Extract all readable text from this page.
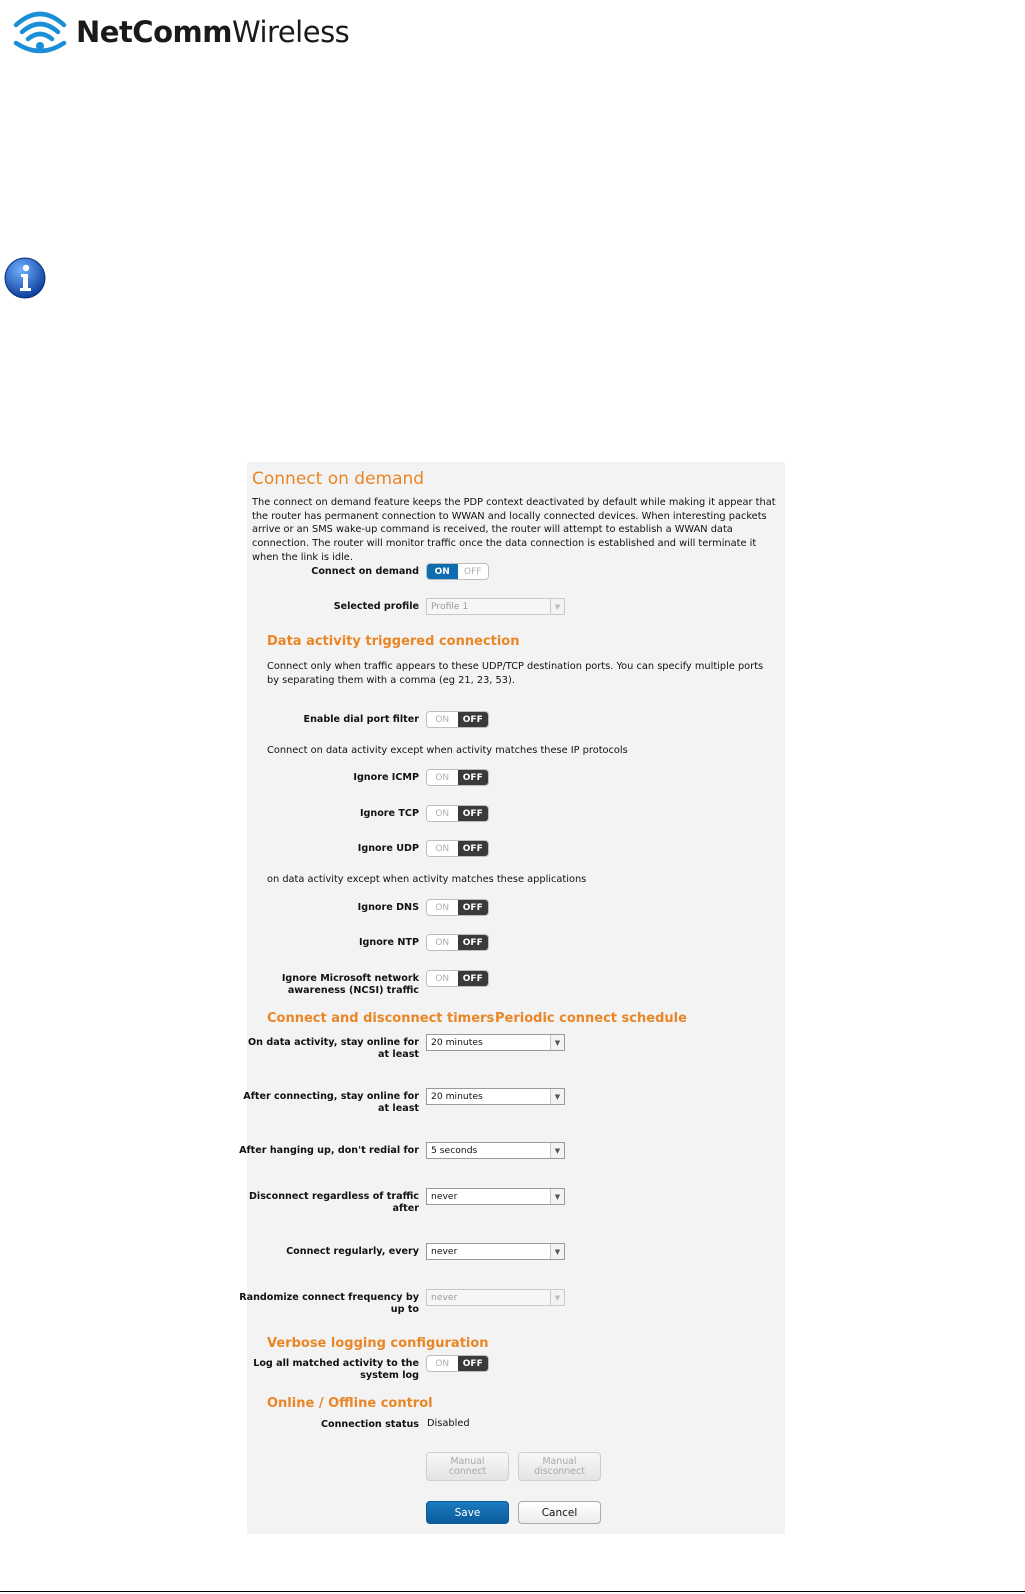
NetCommWireless
Connect on demand
The connect on demand feature keeps the PDP context deactivated by default while making it appear that the router has permanent connection to WWAN and locally connected devices. When interesting packets arrive or an SMS wake-up command is received, the router will attempt to establish a WWAN data connection. The router will monitor traffic once the data connection is established and will terminate it when the link is idle.
Connect on demand	ON	OFF
Selected profile Profile 1	▼
Data activity triggered connection
Connect only when traffic appears to these UDP/TCP destination ports. You can specify multiple ports by separating them with a comma (eg 21, 23, 53).
Enable dial port filter	ON	OFF
Connect on data activity except when activity matches these IP protocols
Ignore ICMP	ON	OFF
Ignore TCP	ON	OFF
Ignore UDP	ON	OFF
on data activity except when activity matches these applications
Ignore DNS	ON	OFF
Ignore NTP	ON	OFF
Ignore Microsoft network
awareness (NCSI) traffic
ON	OFF
Connect and disconnect timers Periodic connect schedule
On data activity, stay online for
at least
20 minutes	▼
After connecting, stay online for
at least
20 minutes	▼
After hanging up, don't redial for 5 seconds	▼
Disconnect regardless of traffic
after
never	▼
Connect regularly, every never	▼
Randomize connect frequency by
up to
never	▼
Verbose logging configuration
Log all matched activity to the
system log
ON	OFF
Online / Offline control
Connection status Disabled
Manual
connect
Manual
disconnect
Save	Cancel
